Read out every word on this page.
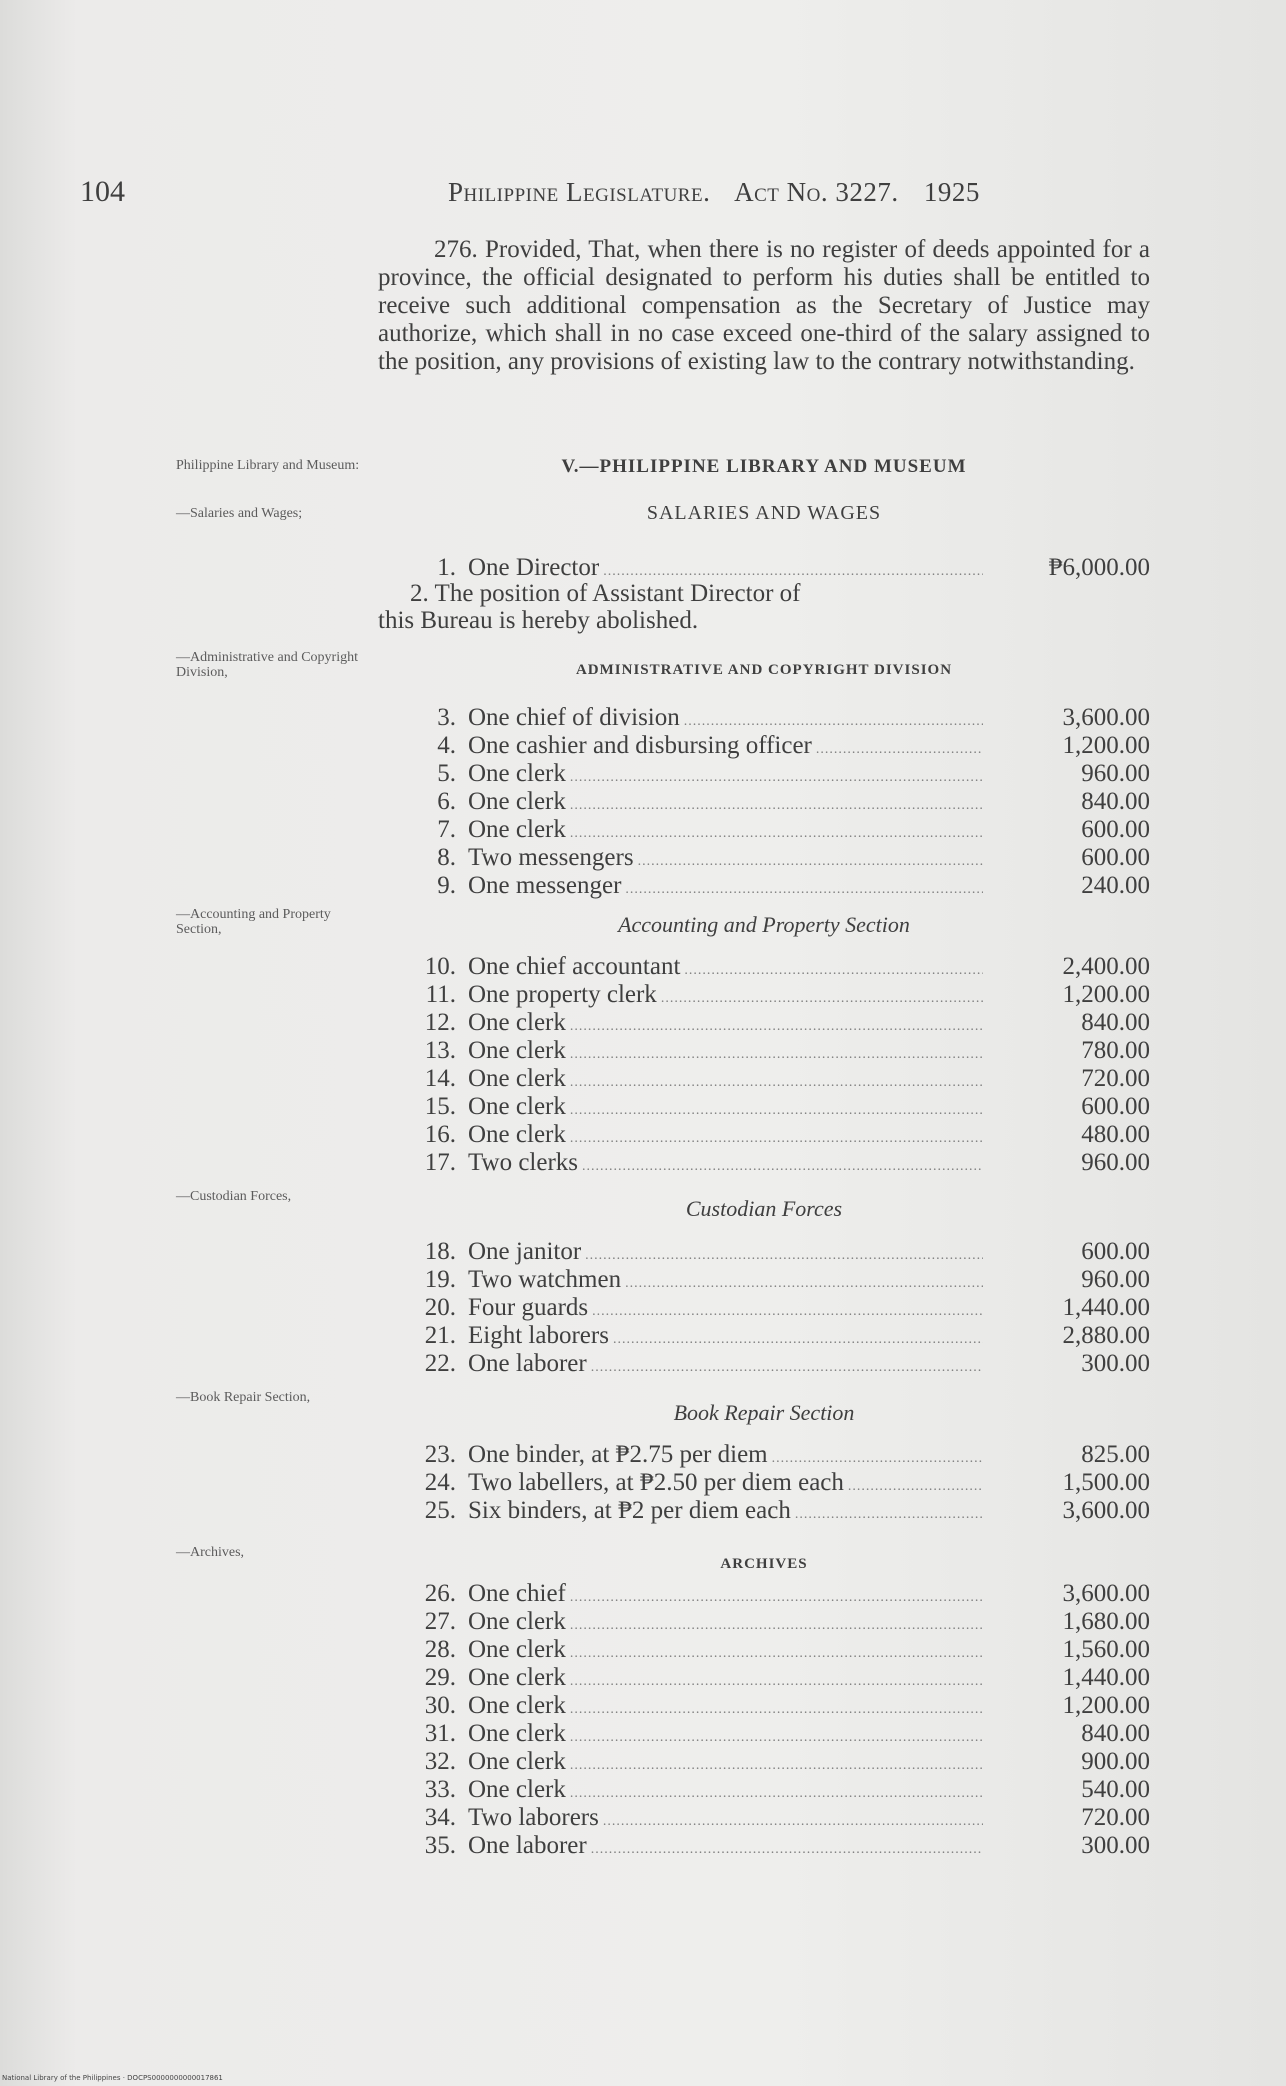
104	Philippine Legislature. Act No. 3227. 1925

276. Provided, That, when there is no register of deeds appointed for a province, the official designated to perform his duties shall be entitled to receive such additional compensation as the Secretary of Justice may authorize, which shall in no case exceed one-third of the salary assigned to the position, any provisions of existing law to the contrary notwithstanding.

Philippine Library and Museum:
—Salaries and Wages;
—Administrative and Copyright Division,
—Accounting and Property Section,
—Custodian Forces,
—Book Repair Section,
—Archives,
V.—PHILIPPINE LIBRARY AND MUSEUM
SALARIES AND WAGES
1. One Director .....	₱6,000.00
2. The position of Assistant Director of
this Bureau is hereby abolished.
ADMINISTRATIVE AND COPYRIGHT DIVISION
3. One chief of division .....	3,600.00
4. One cashier and disbursing officer .....	1,200.00
5. One clerk .....	960.00
6. One clerk .....	840.00
7. One clerk .....	600.00
8. Two messengers .....	600.00
9. One messenger .....	240.00
Accounting and Property Section
10. One chief accountant .....	2,400.00
11. One property clerk .....	1,200.00
12. One clerk .....	840.00
13. One clerk .....	780.00
14. One clerk .....	720.00
15. One clerk .....	600.00
16. One clerk .....	480.00
17. Two clerks .....	960.00
Custodian Forces
18. One janitor .....	600.00
19. Two watchmen .....	960.00
20. Four guards .....	1,440.00
21. Eight laborers .....	2,880.00
22. One laborer .....	300.00
Book Repair Section
23. One binder, at ₱2.75 per diem .....	825.00
24. Two labellers, at ₱2.50 per diem each .....	1,500.00
25. Six binders, at ₱2 per diem each .....	3,600.00
ARCHIVES
26. One chief .....	3,600.00
27. One clerk .....	1,680.00
28. One clerk .....	1,560.00
29. One clerk .....	1,440.00
30. One clerk .....	1,200.00
31. One clerk .....	840.00
32. One clerk .....	900.00
33. One clerk .....	540.00
34. Two laborers .....	720.00
35. One laborer .....	300.00
National Library of the Philippines · DOCPS0000000000017861
